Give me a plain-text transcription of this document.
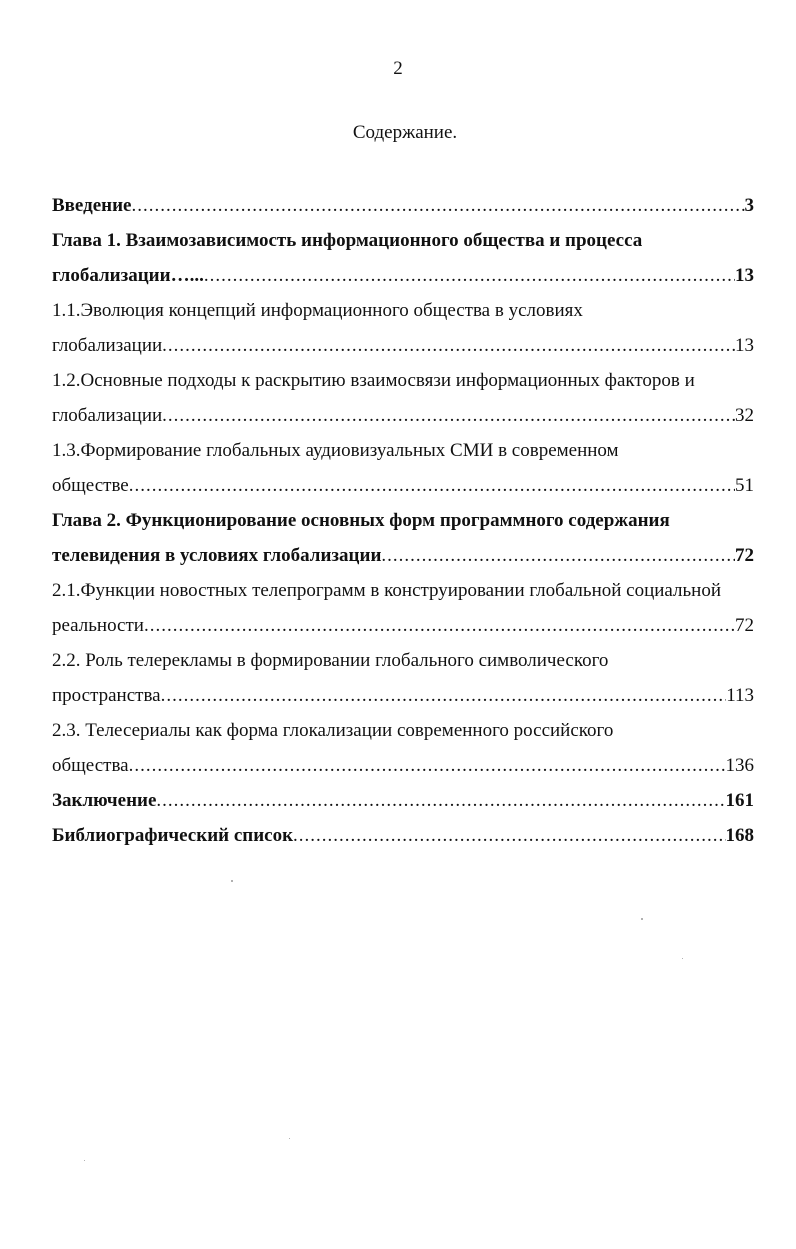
2
Содержание.
Введение .....	3
Глава 1. Взаимозависимость информационного общества и процесса
глобализации…... .....	13
1.1.Эволюция концепций информационного общества в условиях
глобализации .....	13
1.2.Основные подходы к раскрытию взаимосвязи информационных факторов и
глобализации .....	32
1.3.Формирование глобальных аудиовизуальных СМИ в современном
обществе .....	51
Глава 2. Функционирование основных форм программного содержания
телевидения в условиях глобализации .....	72
2.1.Функции новостных телепрограмм в конструировании глобальной социальной
реальности .....	72
2.2. Роль телерекламы в формировании глобального символического
пространства .....	113
2.3. Телесериалы как форма глокализации современного российского
общества .....	136
Заключение .....	161
Библиографический список .....	168
